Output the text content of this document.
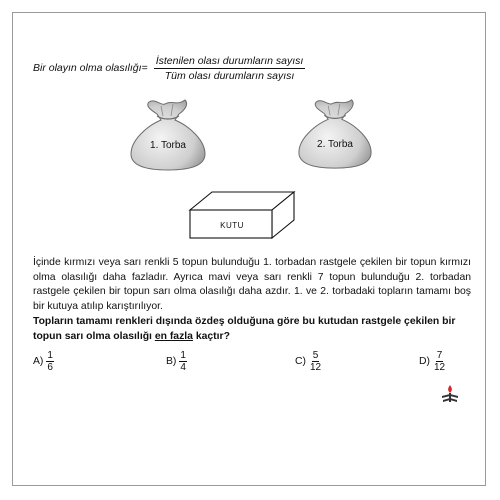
Bir olayın olma olasılığı= $\frac{\text{İstenilen olası durumların sayısı}}{\text{Tüm olası durumların sayısı}}$
1. Torba	2. Torba
KUTU
İçinde kırmızı veya sarı renkli 5 topun bulunduğu 1. torbadan rastgele çekilen bir topun kırmızı olma olasılığı daha fazladır. Ayrıca mavi veya sarı renkli 7 topun bulunduğu 2. torbadan rastgele çekilen bir topun sarı olma olasılığı daha azdır. 1. ve 2. torbadaki topların tamamı boş bir kutuya atılıp karıştırılıyor.
Topların tamamı renkleri dışında özdeş olduğuna göre bu kutudan rastgele çekilen bir topun sarı olma olasılığı en fazla kaçtır?
$A) \frac{1}{6}$	$B) \frac{1}{4}$	$C) \frac{5}{12}$	$D) \frac{7}{12}$
